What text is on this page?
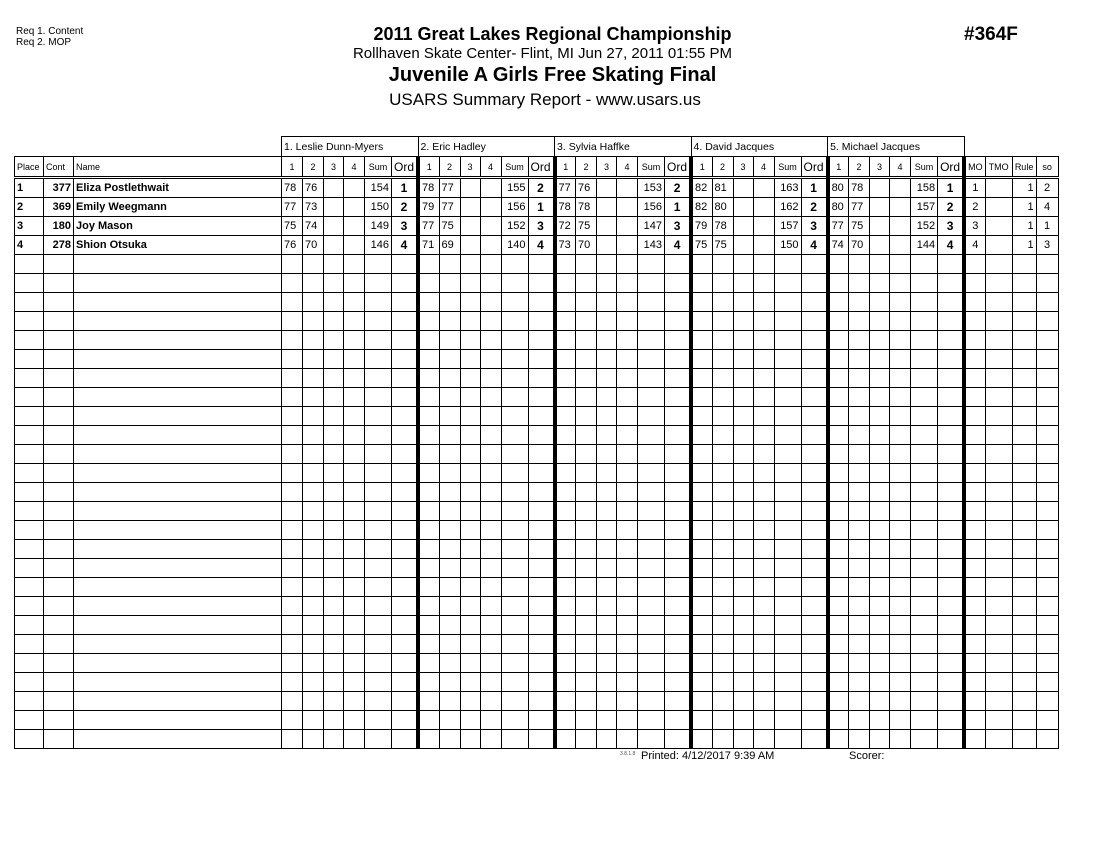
Req 1. Content
Req 2. MOP	2011 Great Lakes Regional Championship
Rollhaven Skate Center- Flint, MI Jun 27, 2011 01:55 PM
Juvenile A Girls Free Skating Final
USARS Summary Report - www.usars.us
#364F
			1. Leslie Dunn-Myers						2. Eric Hadley						3. Sylvia Haffke						4. David Jacques						5. Michael Jacques									
Place	Cont	Name	1	2	3	4	Sum	Ord	1	2	3	4	Sum	Ord	1	2	3	4	Sum	Ord	1	2	3	4	Sum	Ord	1	2	3	4	Sum	Ord	MO	TMO	Rule	so
1	377	Eliza Postlethwait	78	76			154	1	78	77			155	2	77	76			153	2	82	81			163	1	80	78			158	1	1		1	2
2	369	Emily Weegmann	77	73			150	2	79	77			156	1	78	78			156	1	82	80			162	2	80	77			157	2	2		1	4
3	180	Joy Mason	75	74			149	3	77	75			152	3	72	75			147	3	79	78			157	3	77	75			152	3	3		1	1
4	278	Shion Otsuka	76	70			146	4	71	69			140	4	73	70			143	4	75	75			150	4	74	70			144	4	4		1	3

3.8.1.8 Printed: 4/12/2017 9:39 AM	Scorer:
